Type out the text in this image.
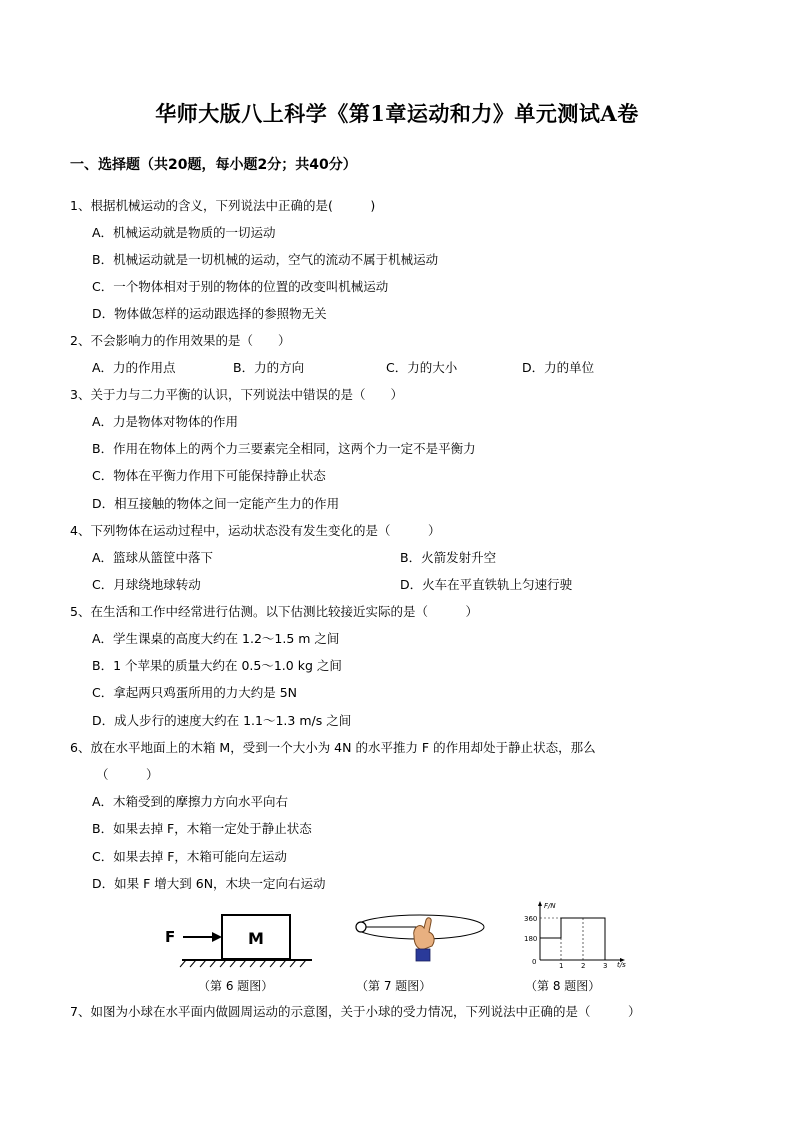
华师大版八上科学《第1章运动和力》单元测试A卷
一、选择题（共20题，每小题2分；共40分）
1、根据机械运动的含义，下列说法中正确的是(　　　)
A．机械运动就是物质的一切运动
B．机械运动就是一切机械的运动，空气的流动不属于机械运动
C．一个物体相对于别的物体的位置的改变叫机械运动
D．物体做怎样的运动跟选择的参照物无关
2、不会影响力的作用效果的是（　　）
A．力的作用点	B．力的方向	C．力的大小	D．力的单位
3、关于力与二力平衡的认识，下列说法中错误的是（　　）
A．力是物体对物体的作用
B．作用在物体上的两个力三要素完全相同，这两个力一定不是平衡力
C．物体在平衡力作用下可能保持静止状态
D．相互接触的物体之间一定能产生力的作用
4、下列物体在运动过程中，运动状态没有发生变化的是（　　　）
A．篮球从篮筐中落下	B．火箭发射升空
C．月球绕地球转动	D．火车在平直铁轨上匀速行驶
5、在生活和工作中经常进行估测。以下估测比较接近实际的是（　　　）
A．学生课桌的高度大约在 1.2～1.5 m 之间
B．1 个苹果的质量大约在 0.5～1.0 kg 之间
C．拿起两只鸡蛋所用的力大约是 5N
D．成人步行的速度大约在 1.1～1.3 m/s 之间
6、放在水平地面上的木箱 M，受到一个大小为 4N 的水平推力 F 的作用却处于静止状态，那么
（　　　）
A．木箱受到的摩擦力方向水平向右
B．如果去掉 F，木箱一定处于静止状态
C．如果去掉 F，木箱可能向左运动
D．如果 F 增大到 6N，木块一定向右运动
F	M
F/N
t/s
360
180
0	1	2	3
（第 6 题图）	（第 7 题图）	（第 8 题图）
7、如图为小球在水平面内做圆周运动的示意图，关于小球的受力情况，下列说法中正确的是（　　　）
